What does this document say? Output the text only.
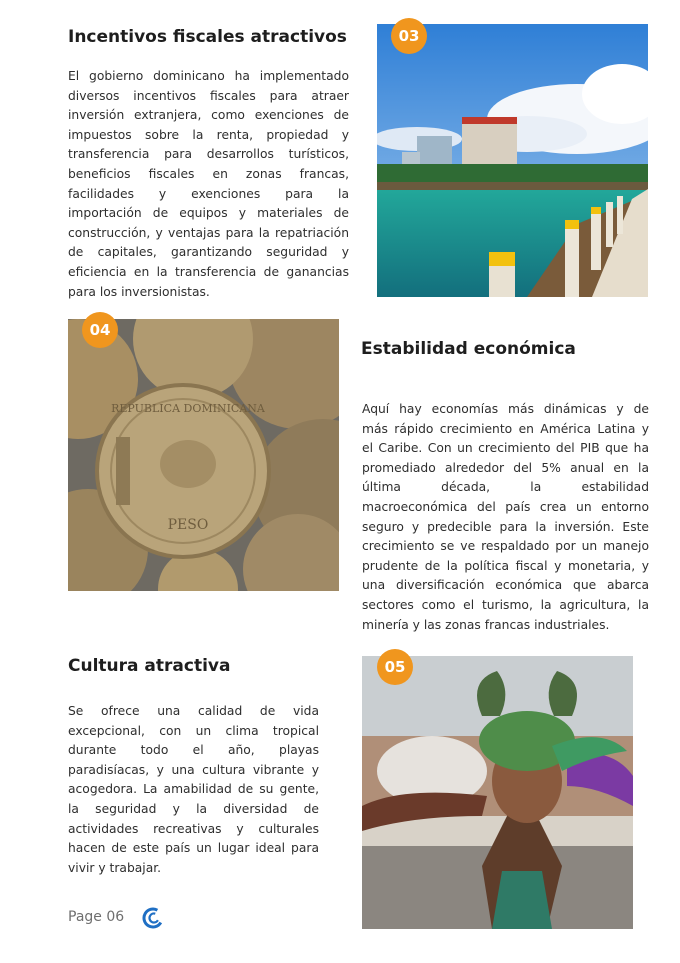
Incentivos fiscales atractivos
El gobierno dominicano ha implementado
diversos incentivos fiscales para atraer
inversión extranjera, como exenciones de
impuestos sobre la renta, propiedad y
transferencia para desarrollos turísticos,
beneficios fiscales en zonas francas,
facilidades y exenciones para la
importación de equipos y materiales de
construcción, y ventajas para la repatriación
de capitales, garantizando seguridad y
eficiencia en la transferencia de ganancias
para los inversionistas.
03
REPUBLICA DOMINICANA
PESO
04
Estabilidad económica
Aquí hay economías más dinámicas y de
más rápido crecimiento en América Latina y
el Caribe. Con un crecimiento del PIB que ha
promediado alrededor del 5% anual en la
última década, la estabilidad
macroeconómica del país crea un entorno
seguro y predecible para la inversión. Este
crecimiento se ve respaldado por un manejo
prudente de la política fiscal y monetaria, y
una diversificación económica que abarca
sectores como el turismo, la agricultura, la
minería y las zonas francas industriales.
Cultura atractiva
Se ofrece una calidad de vida
excepcional, con un clima tropical
durante todo el año, playas
paradisíacas, y una cultura vibrante y
acogedora. La amabilidad de su gente,
la seguridad y la diversidad de
actividades recreativas y culturales
hacen de este país un lugar ideal para
vivir y trabajar.
05
Page 06
